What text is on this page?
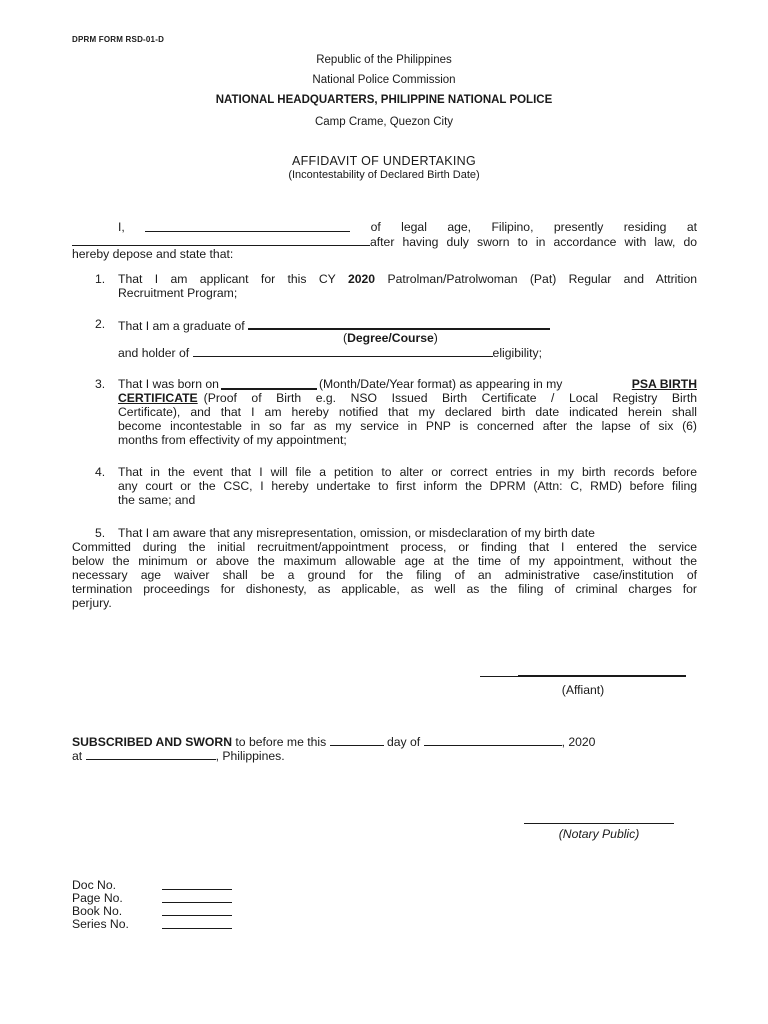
DPRM FORM RSD-01-D
Republic of the Philippines
National Police Commission
NATIONAL HEADQUARTERS, PHILIPPINE NATIONAL POLICE
Camp Crame, Quezon City
AFFIDAVIT OF UNDERTAKING
(Incontestability of Declared Birth Date)
I,	of legal age, Filipino, presently residing at
after having duly sworn to in accordance with law, do
hereby depose and state that:
1. That I am applicant for this CY 2020 Patrolman/Patrolwoman (Pat) Regular and Attrition
Recruitment Program;
2. That I am a graduate of
(Degree/Course)
and holder of	eligibility;
3. That I was born on	(Month/Date/Year format) as appearing in my	PSA BIRTH
CERTIFICATE (Proof of Birth e.g. NSO Issued Birth Certificate / Local Registry Birth
Certificate), and that I am hereby notified that my declared birth date indicated herein shall
become incontestable in so far as my service in PNP is concerned after the lapse of six (6)
months from effectivity of my appointment;
4. That in the event that I will file a petition to alter or correct entries in my birth records before
any court or the CSC, I hereby undertake to first inform the DPRM (Attn: C, RMD) before filing
the same; and
5.	That I am aware that any misrepresentation, omission, or misdeclaration of my birth date
Committed during the initial recruitment/appointment process, or finding that I entered the service
below the minimum or above the maximum allowable age at the time of my appointment, without the
necessary age waiver shall be a ground for the filing of an administrative case/institution of
termination proceedings for dishonesty, as applicable, as well as the filing of criminal charges for
perjury.
(Affiant)
SUBSCRIBED AND SWORN to before me this	day of	, 2020
at	, Philippines.
(Notary Public)
Doc No.
Page No.
Book No.
Series No.
